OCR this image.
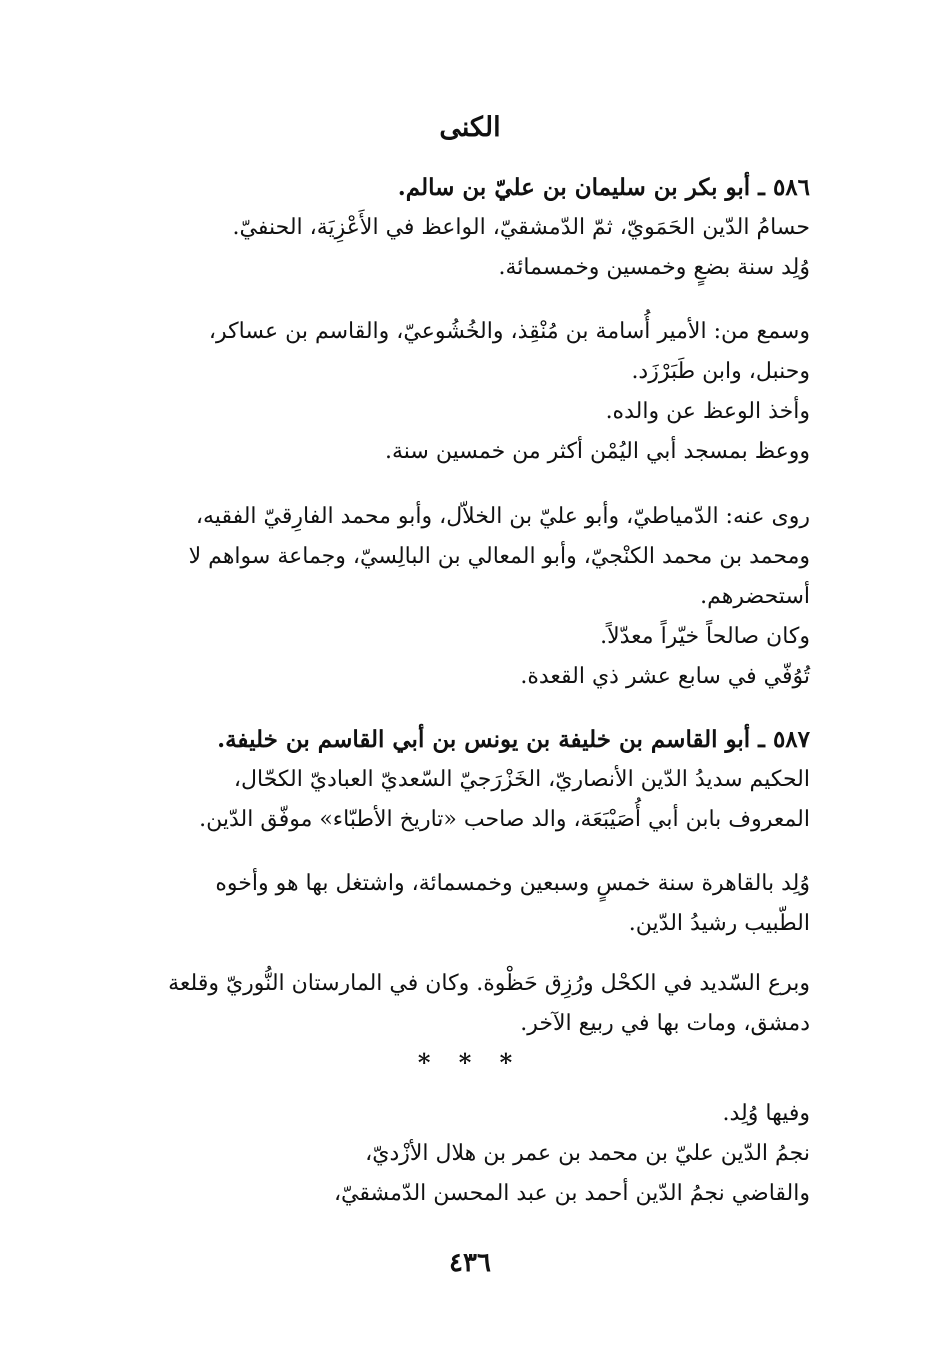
الكنى
٥٨٦ ـ أبو بكر بن سليمان بن عليّ بن سالم.
حسامُ الدّين الحَمَويّ، ثمّ الدّمشقيّ، الواعظ في الأَعْزِيَة، الحنفيّ.
وُلِد سنة بضعٍ وخمسين وخمسمائة.
وسمع من: الأمير أُسامة بن مُنْقِذ، والخُشُوعيّ، والقاسم بن عساكر،
وحنبل، وابن طَبَرْزَد.
وأخذ الوعظ عن والده.
ووعظ بمسجد أبي اليُمْن أكثر من خمسين سنة.
روى عنه: الدّمياطيّ، وأبو عليّ بن الخلاّل، وأبو محمد الفارِقيّ الفقيه،
ومحمد بن محمد الكنْجيّ، وأبو المعالي بن البالِسيّ، وجماعة سواهم لا
أستحضرهم.
وكان صالحاً خيّراً معدّلاً.
تُوُفّي في سابع عشر ذي القعدة.
٥٨٧ ـ أبو القاسم بن خليفة بن يونس بن أبي القاسم بن خليفة.
الحكيم سديدُ الدّين الأنصاريّ، الخَزْرَجيّ السّعديّ العباديّ الكحّال،
المعروف بابن أبي أُصَيْبَعَة، والد صاحب «تاريخ الأطبّاء» موفّق الدّين.
وُلِد بالقاهرة سنة خمسٍ وسبعين وخمسمائة، واشتغل بها هو وأخوه
الطّبيب رشيدُ الدّين.
وبرع السّديد في الكحْل ورُزِق حَظْوة. وكان في المارستان النُّوريّ وقلعة
دمشق، ومات بها في ربيع الآخر.
* * *
وفيها وُلِد.
نجمُ الدّين عليّ بن محمد بن عمر بن هلال الأزْديّ،
والقاضي نجمُ الدّين أحمد بن عبد المحسن الدّمشقيّ،
٤٣٦
